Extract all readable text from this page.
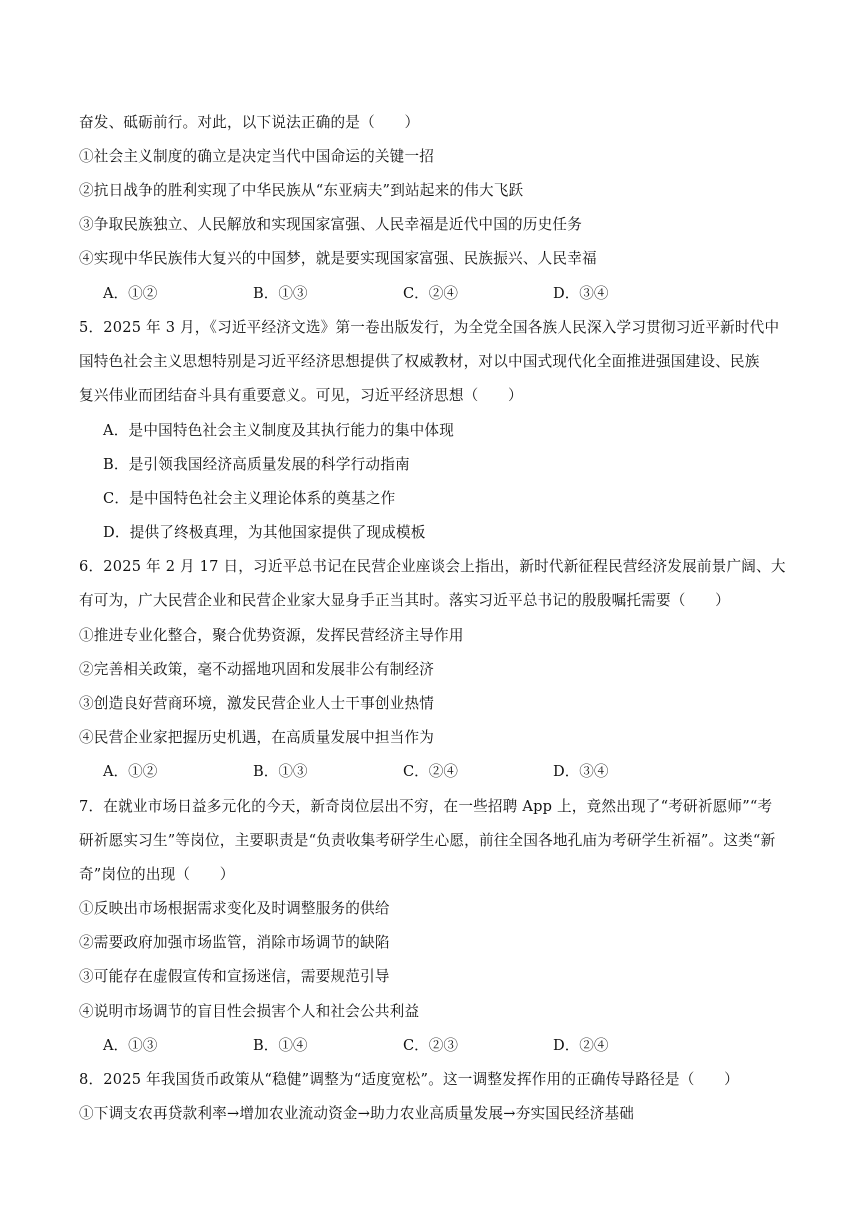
奋发、砥砺前行。对此，以下说法正确的是（　　）
①社会主义制度的确立是决定当代中国命运的关键一招
②抗日战争的胜利实现了中华民族从“东亚病夫”到站起来的伟大飞跃
③争取民族独立、人民解放和实现国家富强、人民幸福是近代中国的历史任务
④实现中华民族伟大复兴的中国梦，就是要实现国家富强、民族振兴、人民幸福
A．①②	B．①③	C．②④	D．③④
5．2025 年 3 月，《习近平经济文选》第一卷出版发行，为全党全国各族人民深入学习贯彻习近平新时代中
国特色社会主义思想特别是习近平经济思想提供了权威教材，对以中国式现代化全面推进强国建设、民族
复兴伟业而团结奋斗具有重要意义。可见，习近平经济思想（　　）
A．是中国特色社会主义制度及其执行能力的集中体现
B．是引领我国经济高质量发展的科学行动指南
C．是中国特色社会主义理论体系的奠基之作
D．提供了终极真理，为其他国家提供了现成模板
6．2025 年 2 月 17 日，习近平总书记在民营企业座谈会上指出，新时代新征程民营经济发展前景广阔、大
有可为，广大民营企业和民营企业家大显身手正当其时。落实习近平总书记的殷殷嘱托需要（　　）
①推进专业化整合，聚合优势资源，发挥民营经济主导作用
②完善相关政策，毫不动摇地巩固和发展非公有制经济
③创造良好营商环境，激发民营企业人士干事创业热情
④民营企业家把握历史机遇，在高质量发展中担当作为
A．①②	B．①③	C．②④	D．③④
7．在就业市场日益多元化的今天，新奇岗位层出不穷，在一些招聘 App 上，竟然出现了“考研祈愿师”“考
研祈愿实习生”等岗位，主要职责是“负责收集考研学生心愿，前往全国各地孔庙为考研学生祈福”。这类“新
奇”岗位的出现（　　）
①反映出市场根据需求变化及时调整服务的供给
②需要政府加强市场监管，消除市场调节的缺陷
③可能存在虚假宣传和宣扬迷信，需要规范引导
④说明市场调节的盲目性会损害个人和社会公共利益
A．①③	B．①④	C．②③	D．②④
8．2025 年我国货币政策从“稳健”调整为“适度宽松”。这一调整发挥作用的正确传导路径是（　　）
①下调支农再贷款利率→增加农业流动资金→助力农业高质量发展→夯实国民经济基础
